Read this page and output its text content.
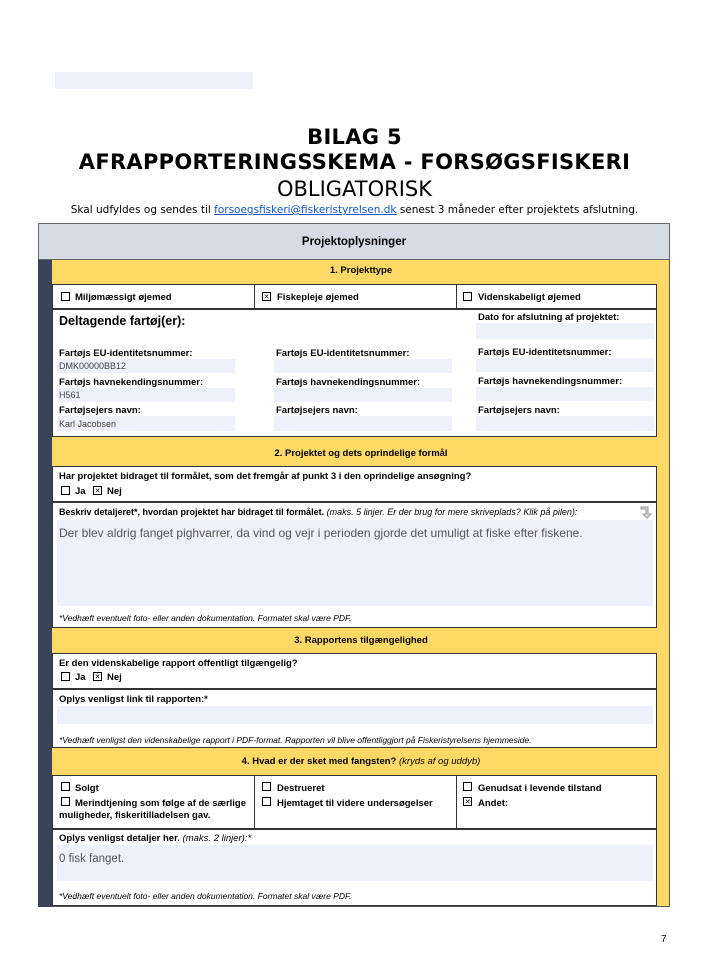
BILAG 5
AFRAPPORTERINGSSKEMA - FORSØGSFISKERI
OBLIGATORISK
Skal udfyldes og sendes til forsoegsfiskeri@fiskeristyrelsen.dk senest 3 måneder efter projektets afslutning.
Projektoplysninger
1. Projekttype
Miljømæssigt øjemed ✕	Fiskepleje øjemed	Videnskabeligt øjemed
Deltagende fartøj(er):	Dato for afslutning af projektet:
Fartøjs EU-identitetsnummer:
DMK00000BB12
Fartøjs EU-identitetsnummer:	Fartøjs EU-identitetsnummer:
Fartøjs havnekendingsnummer:
H561
Fartøjs havnekendingsnummer:	Fartøjs havnekendingsnummer:
Fartøjsejers navn:
Karl Jacobsen
Fartøjsejers navn:	Fartøjsejers navn:
2. Projektet og dets oprindelige formål
Har projektet bidraget til formålet, som det fremgår af punkt 3 i den oprindelige ansøgning?
Ja ✕ Nej
Beskriv detaljeret*, hvordan projektet har bidraget til formålet. (maks. 5 linjer. Er der brug for mere skriveplads? Klik på pilen):
Der blev aldrig fanget pighvarrer, da vind og vejr i perioden gjorde det umuligt at fiske efter fiskene.
*Vedhæft eventuelt foto- eller anden dokumentation. Formatet skal være PDF.
3. Rapportens tilgængelighed
Er den videnskabelige rapport offentligt tilgængelig?
Ja ✕ Nej
Oplys venligst link til rapporten:*
*Vedhæft venligst den videnskabelige rapport i PDF-format. Rapporten vil blive offentliggjort på Fiskeristyrelsens hjemmeside.
4. Hvad er der sket med fangsten? (kryds af og uddyb)
Solgt
Merindtjening som følge af de særlige
muligheder, fiskeritilladelsen gav.
Destrueret
Hjemtaget til videre undersøgelser
Genudsat i levende tilstand
✕
Andet:
Oplys venligst detaljer her. (maks. 2 linjer):*
0 fisk fanget.
*Vedhæft eventuelt foto- eller anden dokumentation. Formatet skal være PDF.
7
